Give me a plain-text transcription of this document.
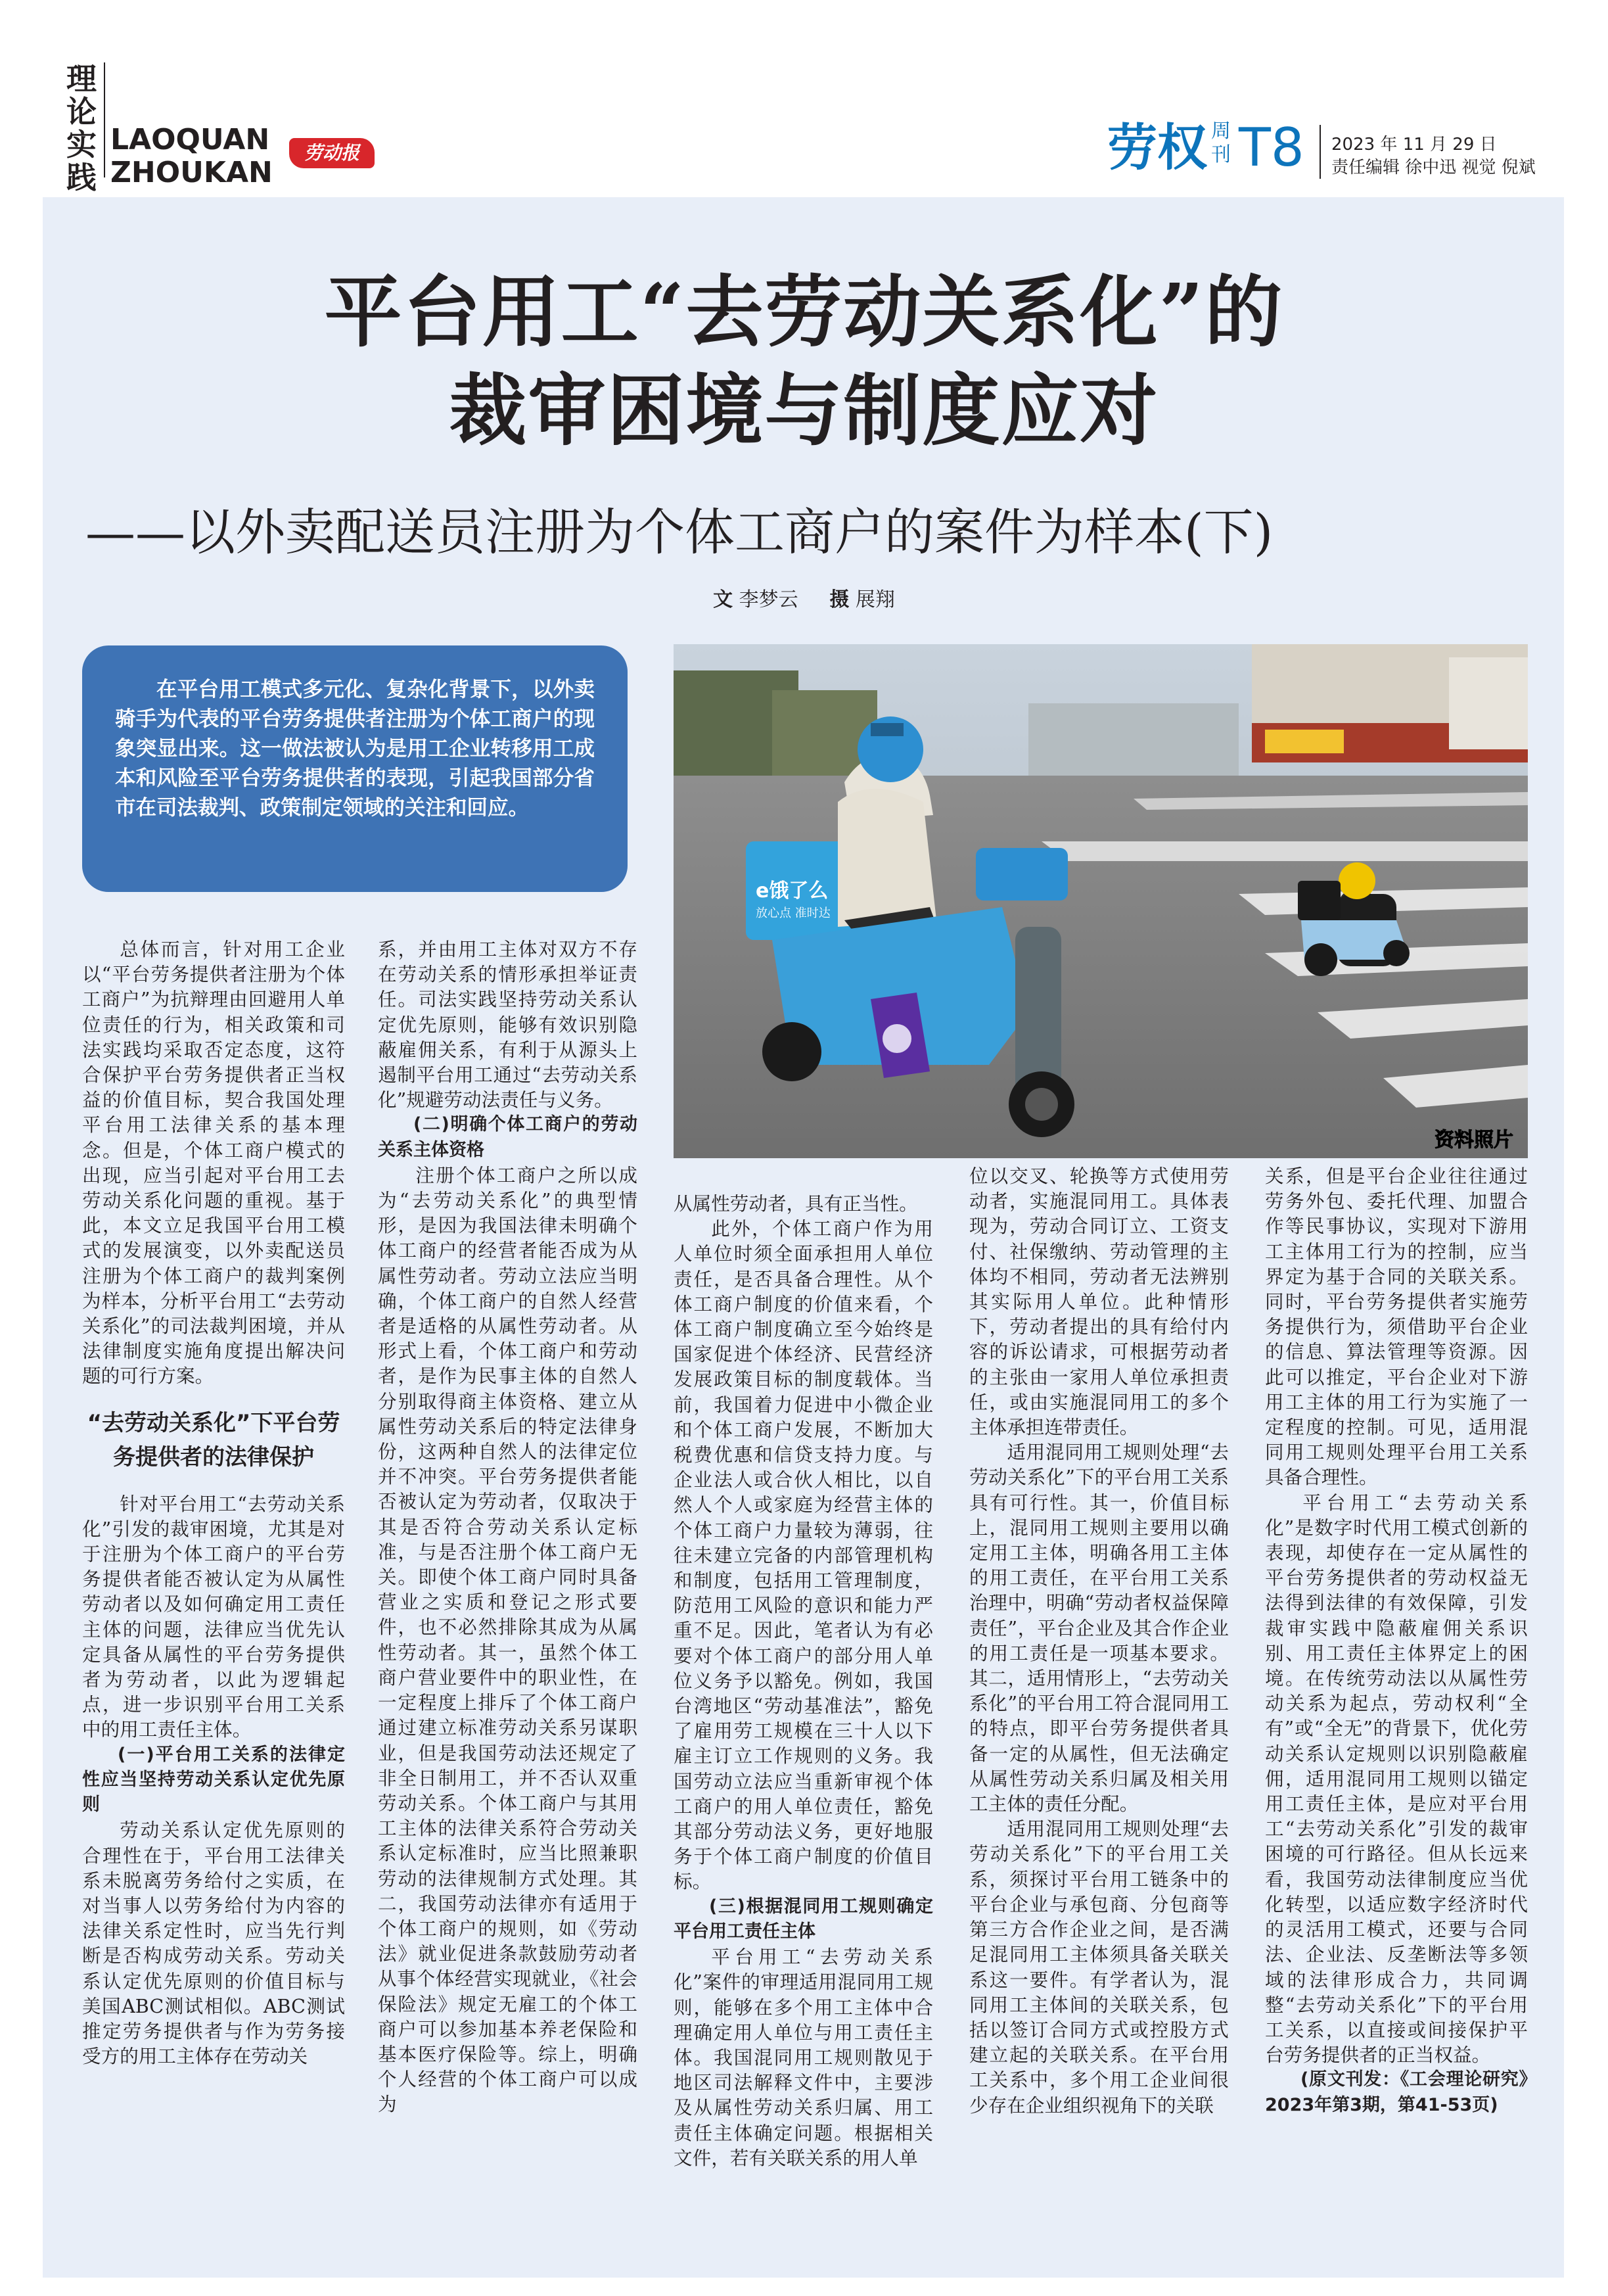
理
论
实
践
LAOQUAN
ZHOUKAN
劳动报	劳权 周
刊 T8 2023 年 11 月 29 日
责任编辑 徐中迅 视觉 倪斌
平台用工“去劳动关系化”的
裁审困境与制度应对
——以外卖配送员注册为个体工商户的案件为样本(下)
文 李梦云 摄 展翔
在平台用工模式多元化、复杂化背景下，以外卖骑手为代表的平台劳务提供者注册为个体工商户的现象突显出来。这一做法被认为是用工企业转移用工成本和风险至平台劳务提供者的表现，引起我国部分省市在司法裁判、政策制定领域的关注和回应。
e饿了么
放心点 准时达
资料照片

总体而言，针对用工企业以“平台劳务提供者注册为个体工商户”为抗辩理由回避用人单位责任的行为，相关政策和司法实践均采取否定态度，这符合保护平台劳务提供者正当权益的价值目标，契合我国处理平台用工法律关系的基本理念。但是，个体工商户模式的出现，应当引起对平台用工去劳动关系化问题的重视。基于此，本文立足我国平台用工模式的发展演变，以外卖配送员注册为个体工商户的裁判案例为样本，分析平台用工“去劳动关系化”的司法裁判困境，并从法律制度实施角度提出解决问题的可行方案。

“去劳动关系化”下平台劳务提供者的法律保护

针对平台用工“去劳动关系化”引发的裁审困境，尤其是对于注册为个体工商户的平台劳务提供者能否被认定为从属性劳动者以及如何确定用工责任主体的问题，法律应当优先认定具备从属性的平台劳务提供者为劳动者，以此为逻辑起点，进一步识别平台用工关系中的用工责任主体。

(一)平台用工关系的法律定性应当坚持劳动关系认定优先原则

劳动关系认定优先原则的合理性在于，平台用工法律关系未脱离劳务给付之实质，在对当事人以劳务给付为内容的法律关系定性时，应当先行判断是否构成劳动关系。劳动关系认定优先原则的价值目标与美国ABC测试相似。ABC测试推定劳务提供者与作为劳务接受方的用工主体存在劳动关

系，并由用工主体对双方不存在劳动关系的情形承担举证责任。司法实践坚持劳动关系认定优先原则，能够有效识别隐蔽雇佣关系，有利于从源头上遏制平台用工通过“去劳动关系化”规避劳动法责任与义务。

(二)明确个体工商户的劳动关系主体资格

注册个体工商户之所以成为“去劳动关系化”的典型情形，是因为我国法律未明确个体工商户的经营者能否成为从属性劳动者。劳动立法应当明确，个体工商户的自然人经营者是适格的从属性劳动者。从形式上看，个体工商户和劳动者，是作为民事主体的自然人分别取得商主体资格、建立从属性劳动关系后的特定法律身份，这两种自然人的法律定位并不冲突。平台劳务提供者能否被认定为劳动者，仅取决于其是否符合劳动关系认定标准，与是否注册个体工商户无关。即使个体工商户同时具备营业之实质和登记之形式要件，也不必然排除其成为从属性劳动者。其一，虽然个体工商户营业要件中的职业性，在一定程度上排斥了个体工商户通过建立标准劳动关系另谋职业，但是我国劳动法还规定了非全日制用工，并不否认双重劳动关系。个体工商户与其用工主体的法律关系符合劳动关系认定标准时，应当比照兼职劳动的法律规制方式处理。其二，我国劳动法律亦有适用于个体工商户的规则，如《劳动法》就业促进条款鼓励劳动者从事个体经营实现就业，《社会保险法》规定无雇工的个体工商户可以参加基本养老保险和基本医疗保险等。综上，明确个人经营的个体工商户可以成为

从属性劳动者，具有正当性。

此外，个体工商户作为用人单位时须全面承担用人单位责任，是否具备合理性。从个体工商户制度的价值来看，个体工商户制度确立至今始终是国家促进个体经济、民营经济发展政策目标的制度载体。当前，我国着力促进中小微企业和个体工商户发展，不断加大税费优惠和信贷支持力度。与企业法人或合伙人相比，以自然人个人或家庭为经营主体的个体工商户力量较为薄弱，往往未建立完备的内部管理机构和制度，包括用工管理制度，防范用工风险的意识和能力严重不足。因此，笔者认为有必要对个体工商户的部分用人单位义务予以豁免。例如，我国台湾地区“劳动基准法”，豁免了雇用劳工规模在三十人以下雇主订立工作规则的义务。我国劳动立法应当重新审视个体工商户的用人单位责任，豁免其部分劳动法义务，更好地服务于个体工商户制度的价值目标。

(三)根据混同用工规则确定平台用工责任主体

平台用工“去劳动关系化”案件的审理适用混同用工规则，能够在多个用工主体中合理确定用人单位与用工责任主体。我国混同用工规则散见于地区司法解释文件中，主要涉及从属性劳动关系归属、用工责任主体确定问题。根据相关文件，若有关联关系的用人单

位以交叉、轮换等方式使用劳动者，实施混同用工。具体表现为，劳动合同订立、工资支付、社保缴纳、劳动管理的主体均不相同，劳动者无法辨别其实际用人单位。此种情形下，劳动者提出的具有给付内容的诉讼请求，可根据劳动者的主张由一家用人单位承担责任，或由实施混同用工的多个主体承担连带责任。

适用混同用工规则处理“去劳动关系化”下的平台用工关系具有可行性。其一，价值目标上，混同用工规则主要用以确定用工主体，明确各用工主体的用工责任，在平台用工关系治理中，明确“劳动者权益保障责任”，平台企业及其合作企业的用工责任是一项基本要求。其二，适用情形上，“去劳动关系化”的平台用工符合混同用工的特点，即平台劳务提供者具备一定的从属性，但无法确定从属性劳动关系归属及相关用工主体的责任分配。

适用混同用工规则处理“去劳动关系化”下的平台用工关系，须探讨平台用工链条中的平台企业与承包商、分包商等第三方合作企业之间，是否满足混同用工主体须具备关联关系这一要件。有学者认为，混同用工主体间的关联关系，包括以签订合同方式或控股方式建立起的关联关系。在平台用工关系中，多个用工企业间很少存在企业组织视角下的关联

关系，但是平台企业往往通过劳务外包、委托代理、加盟合作等民事协议，实现对下游用工主体用工行为的控制，应当界定为基于合同的关联关系。同时，平台劳务提供者实施劳务提供行为，须借助平台企业的信息、算法管理等资源。因此可以推定，平台企业对下游用工主体的用工行为实施了一定程度的控制。可见，适用混同用工规则处理平台用工关系具备合理性。

平台用工“去劳动关系化”是数字时代用工模式创新的表现，却使存在一定从属性的平台劳务提供者的劳动权益无法得到法律的有效保障，引发裁审实践中隐蔽雇佣关系识别、用工责任主体界定上的困境。在传统劳动法以从属性劳动关系为起点，劳动权利“全有”或“全无”的背景下，优化劳动关系认定规则以识别隐蔽雇佣，适用混同用工规则以锚定用工责任主体，是应对平台用工“去劳动关系化”引发的裁审困境的可行路径。但从长远来看，我国劳动法律制度应当优化转型，以适应数字经济时代的灵活用工模式，还要与合同法、企业法、反垄断法等多领域的法律形成合力，共同调整“去劳动关系化”下的平台用工关系，以直接或间接保护平台劳务提供者的正当权益。

(原文刊发：《工会理论研究》2023年第3期，第41-53页)
